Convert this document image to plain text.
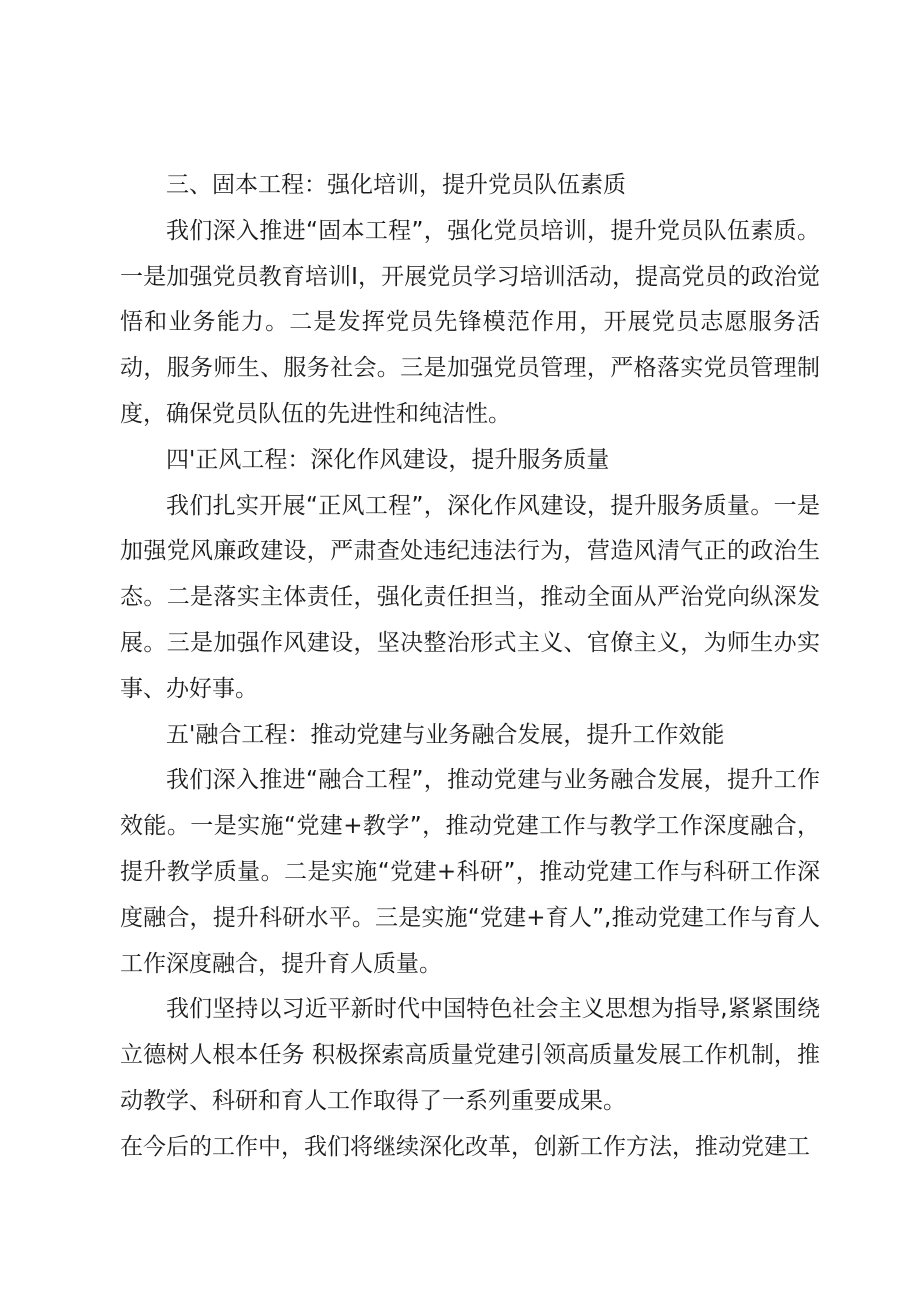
三、固本工程：强化培训，提升党员队伍素质

我们深入推进“固本工程”，强化党员培训，提升党员队伍素质。一是加强党员教育培训I，开展党员学习培训活动，提高党员的政治觉悟和业务能力。二是发挥党员先锋模范作用，开展党员志愿服务活动，服务师生、服务社会。三是加强党员管理，严格落实党员管理制度，确保党员队伍的先进性和纯洁性。

四'正风工程：深化作风建设，提升服务质量

我们扎实开展“正风工程”，深化作风建设，提升服务质量。一是加强党风廉政建设，严肃查处违纪违法行为，营造风清气正的政治生态。二是落实主体责任，强化责任担当，推动全面从严治党向纵深发展。三是加强作风建设，坚决整治形式主义、官僚主义，为师生办实事、办好事。

五'融合工程：推动党建与业务融合发展，提升工作效能

我们深入推进“融合工程”，推动党建与业务融合发展，提升工作效能。一是实施“党建+教学”，推动党建工作与教学工作深度融合，提升教学质量。二是实施“党建+科研”，推动党建工作与科研工作深度融合，提升科研水平。三是实施“党建+育人”,推动党建工作与育人工作深度融合，提升育人质量。

我们坚持以习近平新时代中国特色社会主义思想为指导,紧紧围绕立德树人根本任务 积极探索高质量党建引领高质量发展工作机制，推动教学、科研和育人工作取得了一系列重要成果。

在今后的工作中，我们将继续深化改革，创新工作方法，推动党建工
